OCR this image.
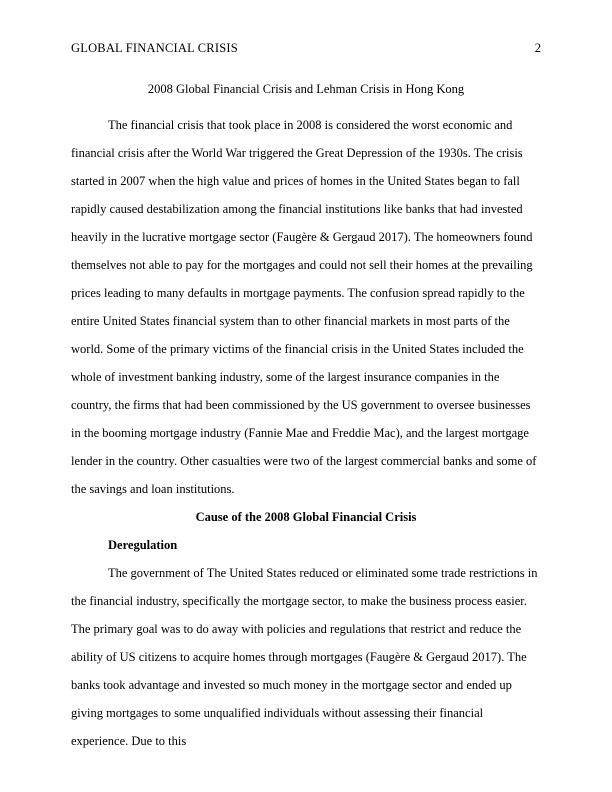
GLOBAL FINANCIAL CRISIS	2
2008 Global Financial Crisis and Lehman Crisis in Hong Kong

The financial crisis that took place in 2008 is considered the worst economic and financial crisis after the World War triggered the Great Depression of the 1930s. The crisis started in 2007 when the high value and prices of homes in the United States began to fall rapidly caused destabilization among the financial institutions like banks that had invested heavily in the lucrative mortgage sector (Faugère & Gergaud 2017). The homeowners found themselves not able to pay for the mortgages and could not sell their homes at the prevailing prices leading to many defaults in mortgage payments. The confusion spread rapidly to the entire United States financial system than to other financial markets in most parts of the world. Some of the primary victims of the financial crisis in the United States included the whole of investment banking industry, some of the largest insurance companies in the country, the firms that had been commissioned by the US government to oversee businesses in the booming mortgage industry (Fannie Mae and Freddie Mac), and the largest mortgage lender in the country. Other casualties were two of the largest commercial banks and some of the savings and loan institutions.

Cause of the 2008 Global Financial Crisis

Deregulation

The government of The United States reduced or eliminated some trade restrictions in the financial industry, specifically the mortgage sector, to make the business process easier. The primary goal was to do away with policies and regulations that restrict and reduce the ability of US citizens to acquire homes through mortgages (Faugère & Gergaud 2017). The banks took advantage and invested so much money in the mortgage sector and ended up giving mortgages to some unqualified individuals without assessing their financial experience. Due to this
